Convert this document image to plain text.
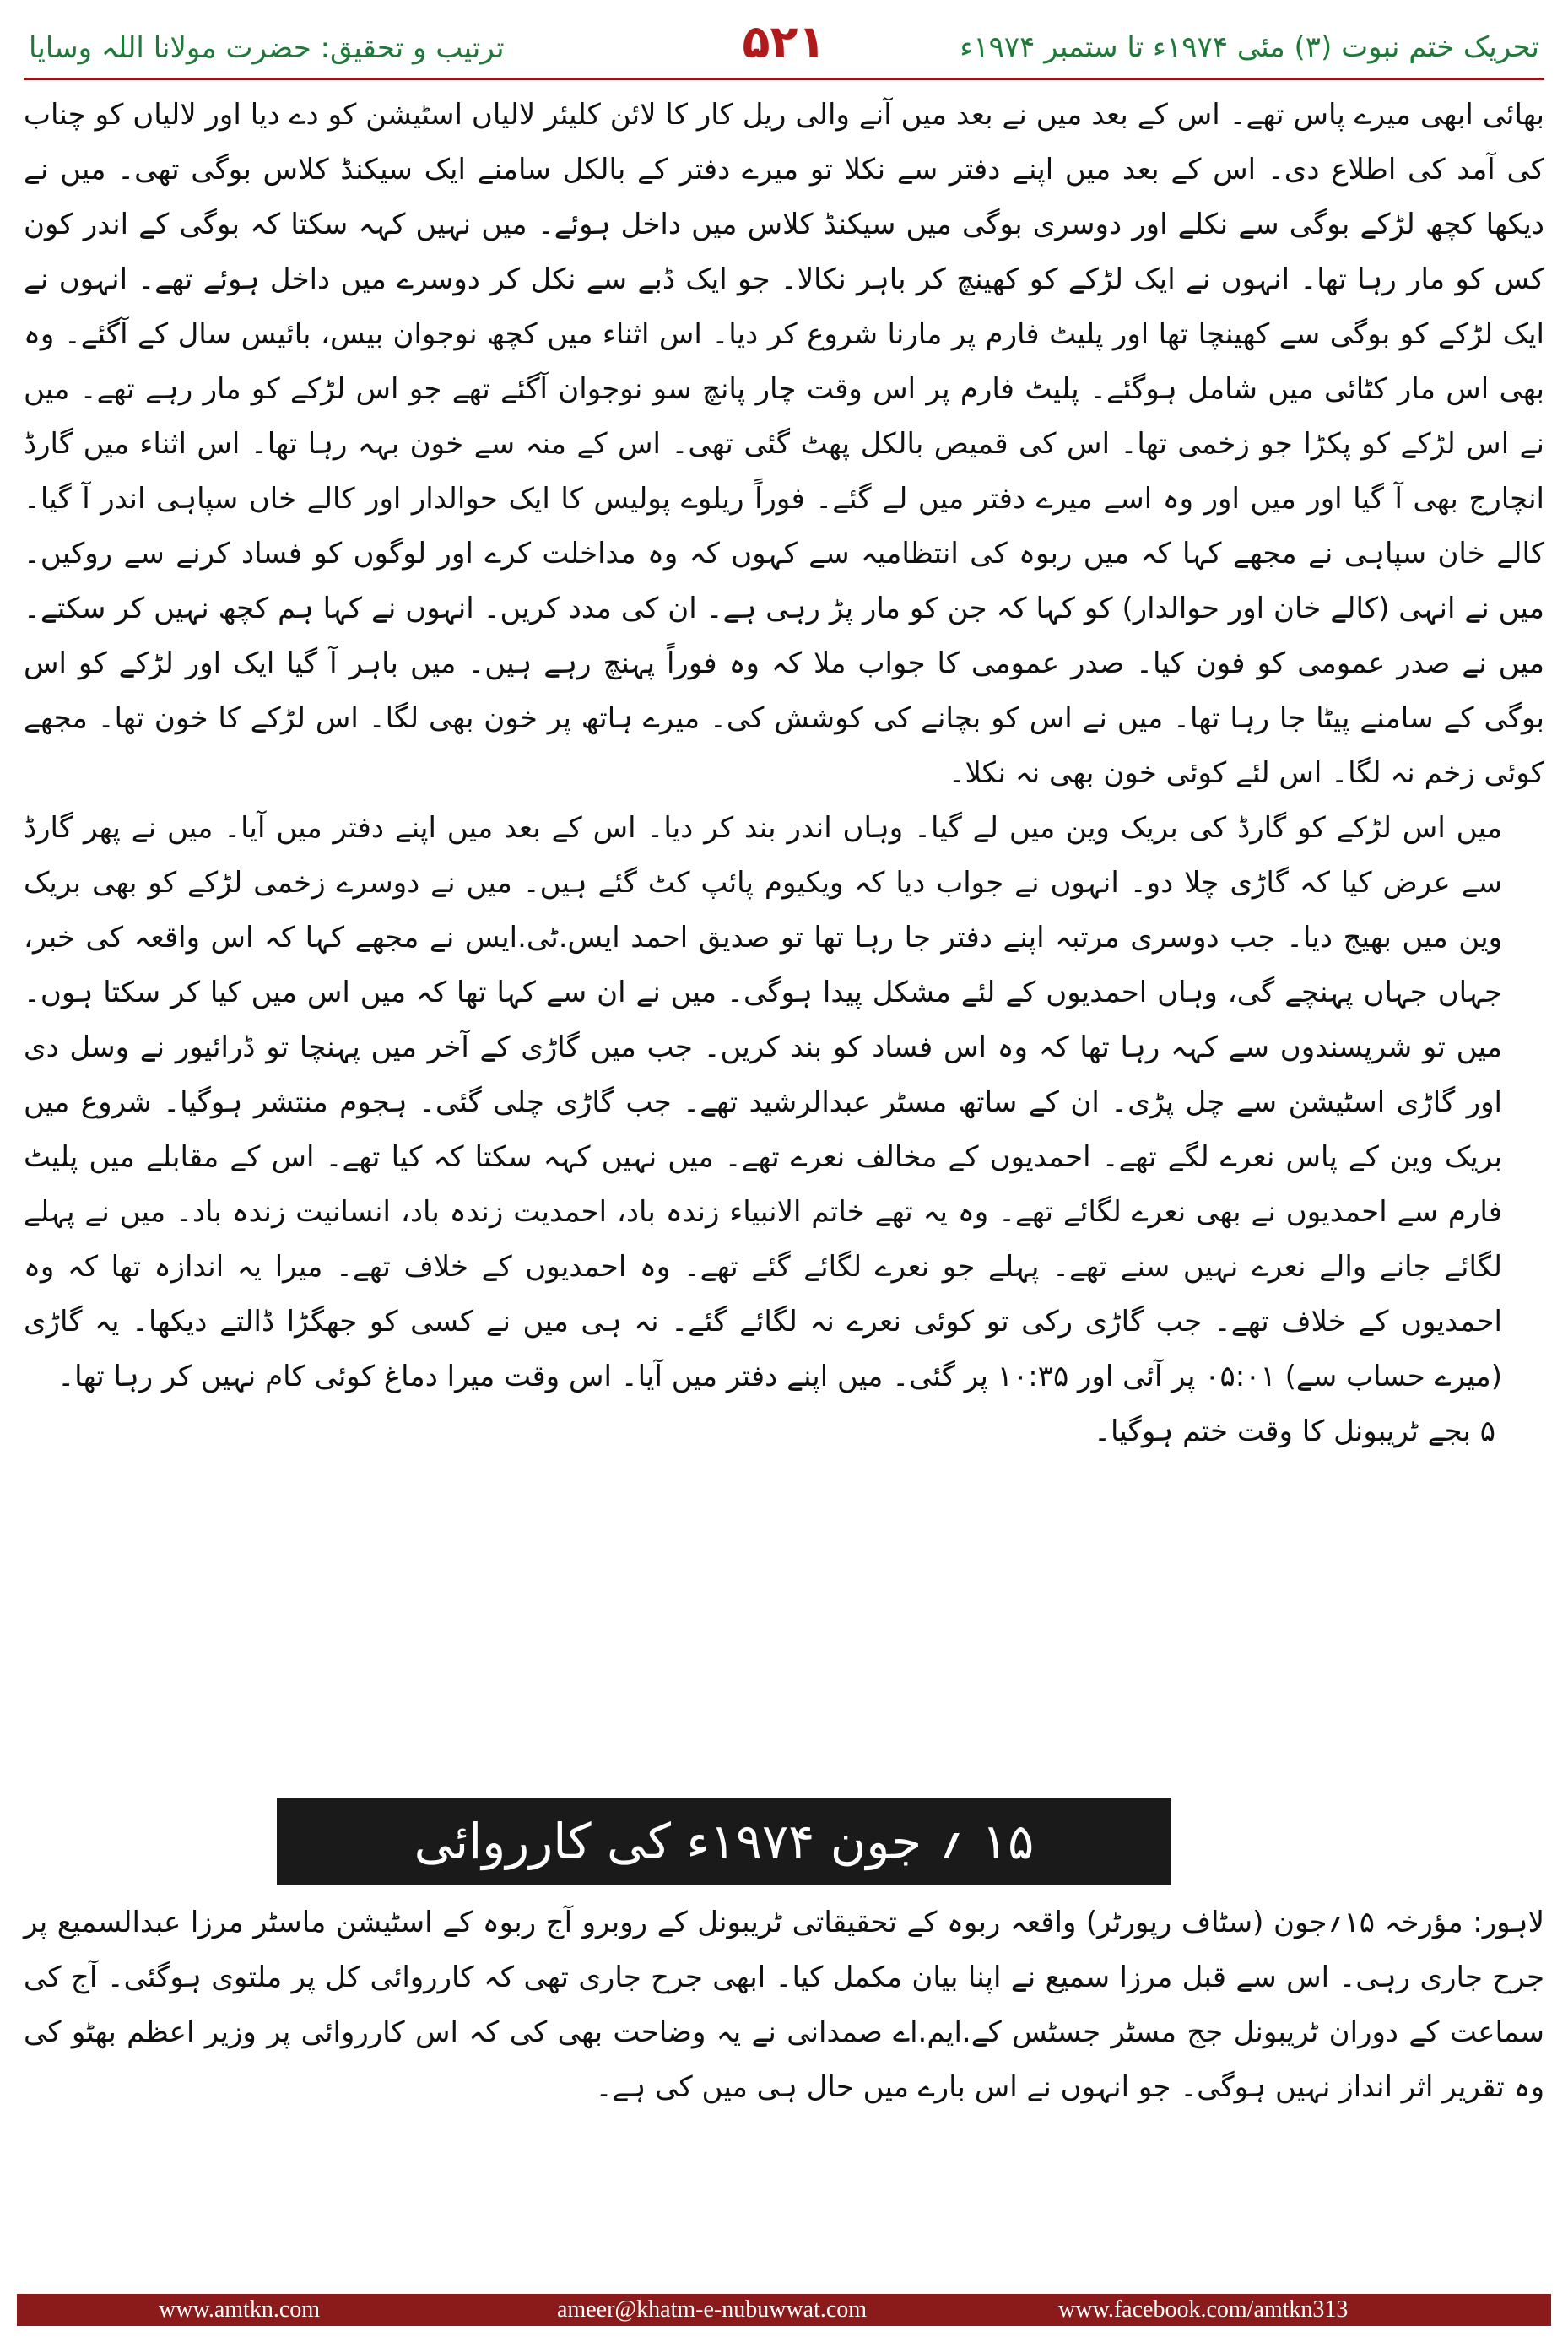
ترتیب و تحقیق: حضرت مولانا اللہ وسایا	۵۲۱	تحریک ختم نبوت (۳) مئی ۱۹۷۴ء تا ستمبر ۱۹۷۴ء

بھائی ابھی میرے پاس تھے۔ اس کے بعد میں نے بعد میں آنے والی ریل کار کا لائن کلیئر لالیاں اسٹیشن کو دے دیا اور لالیاں کو چناب کی آمد کی اطلاع دی۔ اس کے بعد میں اپنے دفتر سے نکلا تو میرے دفتر کے بالکل سامنے ایک سیکنڈ کلاس بوگی تھی۔ میں نے دیکھا کچھ لڑکے بوگی سے نکلے اور دوسری بوگی میں سیکنڈ کلاس میں داخل ہوئے۔ میں نہیں کہہ سکتا کہ بوگی کے اندر کون کس کو مار رہا تھا۔ انہوں نے ایک لڑکے کو کھینچ کر باہر نکالا۔ جو ایک ڈبے سے نکل کر دوسرے میں داخل ہوئے تھے۔ انہوں نے ایک لڑکے کو بوگی سے کھینچا تھا اور پلیٹ فارم پر مارنا شروع کر دیا۔ اس اثناء میں کچھ نوجوان بیس، بائیس سال کے آگئے۔ وہ بھی اس مار کٹائی میں شامل ہوگئے۔ پلیٹ فارم پر اس وقت چار پانچ سو نوجوان آگئے تھے جو اس لڑکے کو مار رہے تھے۔ میں نے اس لڑکے کو پکڑا جو زخمی تھا۔ اس کی قمیص بالکل پھٹ گئی تھی۔ اس کے منہ سے خون بہہ رہا تھا۔ اس اثناء میں گارڈ انچارج بھی آ گیا اور میں اور وہ اسے میرے دفتر میں لے گئے۔ فوراً ریلوے پولیس کا ایک حوالدار اور کالے خاں سپاہی اندر آ گیا۔ کالے خان سپاہی نے مجھے کہا کہ میں ربوہ کی انتظامیہ سے کہوں کہ وہ مداخلت کرے اور لوگوں کو فساد کرنے سے روکیں۔ میں نے انہی (کالے خان اور حوالدار) کو کہا کہ جن کو مار پڑ رہی ہے۔ ان کی مدد کریں۔ انہوں نے کہا ہم کچھ نہیں کر سکتے۔ میں نے صدر عمومی کو فون کیا۔ صدر عمومی کا جواب ملا کہ وہ فوراً پہنچ رہے ہیں۔ میں باہر آ گیا ایک اور لڑکے کو اس بوگی کے سامنے پیٹا جا رہا تھا۔ میں نے اس کو بچانے کی کوشش کی۔ میرے ہاتھ پر خون بھی لگا۔ اس لڑکے کا خون تھا۔ مجھے کوئی زخم نہ لگا۔ اس لئے کوئی خون بھی نہ نکلا۔

میں اس لڑکے کو گارڈ کی بریک وین میں لے گیا۔ وہاں اندر بند کر دیا۔ اس کے بعد میں اپنے دفتر میں آیا۔ میں نے پھر گارڈ سے عرض کیا کہ گاڑی چلا دو۔ انہوں نے جواب دیا کہ ویکیوم پائپ کٹ گئے ہیں۔ میں نے دوسرے زخمی لڑکے کو بھی بریک وین میں بھیج دیا۔ جب دوسری مرتبہ اپنے دفتر جا رہا تھا تو صدیق احمد ایس.ٹی.ایس نے مجھے کہا کہ اس واقعہ کی خبر، جہاں جہاں پہنچے گی، وہاں احمدیوں کے لئے مشکل پیدا ہوگی۔ میں نے ان سے کہا تھا کہ میں اس میں کیا کر سکتا ہوں۔ میں تو شرپسندوں سے کہہ رہا تھا کہ وہ اس فساد کو بند کریں۔ جب میں گاڑی کے آخر میں پہنچا تو ڈرائیور نے وسل دی اور گاڑی اسٹیشن سے چل پڑی۔ ان کے ساتھ مسٹر عبدالرشید تھے۔ جب گاڑی چلی گئی۔ ہجوم منتشر ہوگیا۔ شروع میں بریک وین کے پاس نعرے لگے تھے۔ احمدیوں کے مخالف نعرے تھے۔ میں نہیں کہہ سکتا کہ کیا تھے۔ اس کے مقابلے میں پلیٹ فارم سے احمدیوں نے بھی نعرے لگائے تھے۔ وہ یہ تھے خاتم الانبیاء زندہ باد، احمدیت زندہ باد، انسانیت زندہ باد۔ میں نے پہلے لگائے جانے والے نعرے نہیں سنے تھے۔ پہلے جو نعرے لگائے گئے تھے۔ وہ احمدیوں کے خلاف تھے۔ میرا یہ اندازہ تھا کہ وہ احمدیوں کے خلاف تھے۔ جب گاڑی رکی تو کوئی نعرے نہ لگائے گئے۔ نہ ہی میں نے کسی کو جھگڑا ڈالتے دیکھا۔ یہ گاڑی (میرے حساب سے) ۰۵:۰۱ پر آئی اور ۱۰:۳۵ پر گئی۔ میں اپنے دفتر میں آیا۔ اس وقت میرا دماغ کوئی کام نہیں کر رہا تھا۔

۵ بجے ٹریبونل کا وقت ختم ہوگیا۔

۱۵ ؍ جون ۱۹۷۴ء کی کارروائی

لاہور: مؤرخہ ۱۵؍جون (سٹاف رپورٹر) واقعہ ربوہ کے تحقیقاتی ٹریبونل کے روبرو آج ربوہ کے اسٹیشن ماسٹر مرزا عبدالسمیع پر جرح جاری رہی۔ اس سے قبل مرزا سمیع نے اپنا بیان مکمل کیا۔ ابھی جرح جاری تھی کہ کارروائی کل پر ملتوی ہوگئی۔ آج کی سماعت کے دوران ٹریبونل جج مسٹر جسٹس کے.ایم.اے صمدانی نے یہ وضاحت بھی کی کہ اس کارروائی پر وزیر اعظم بھٹو کی وہ تقریر اثر انداز نہیں ہوگی۔ جو انہوں نے اس بارے میں حال ہی میں کی ہے۔

www.amtkn.com	ameer@khatm-e-nubuwwat.com	www.facebook.com/amtkn313
